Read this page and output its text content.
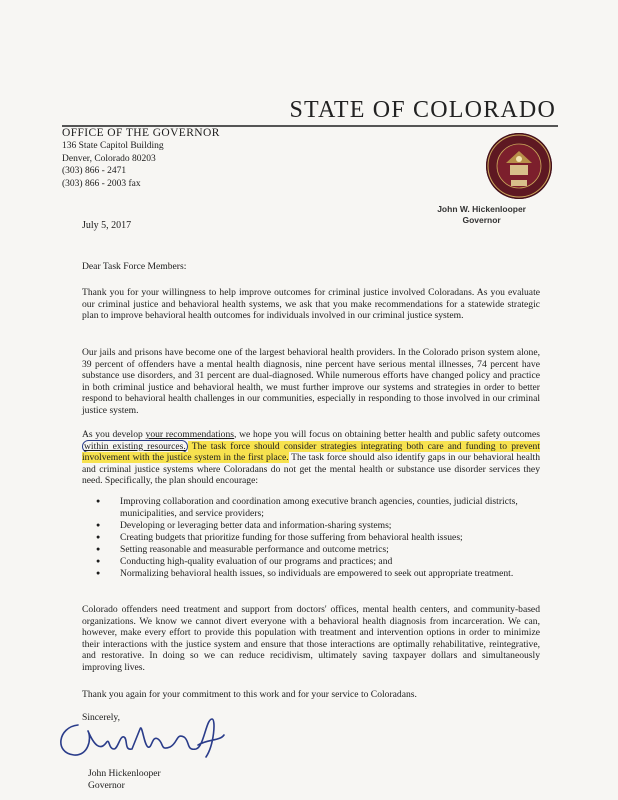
STATE OF COLORADO
OFFICE OF THE GOVERNOR
136 State Capitol Building
Denver, Colorado 80203
(303) 866 - 2471
(303) 866 - 2003 fax
John W. Hickenlooper
Governor
July 5, 2017
Dear Task Force Members:
Thank you for your willingness to help improve outcomes for criminal justice involved Coloradans. As you evaluate our criminal justice and behavioral health systems, we ask that you make recommendations for a statewide strategic plan to improve behavioral health outcomes for individuals involved in our criminal justice system.
Our jails and prisons have become one of the largest behavioral health providers. In the Colorado prison system alone, 39 percent of offenders have a mental health diagnosis, nine percent have serious mental illnesses, 74 percent have substance use disorders, and 31 percent are dual-diagnosed. While numerous efforts have changed policy and practice in both criminal justice and behavioral health, we must further improve our systems and strategies in order to better respond to behavioral health challenges in our communities, especially in responding to those involved in our criminal justice system.
As you develop your recommendations, we hope you will focus on obtaining better health and public safety outcomes within existing resources. The task force should consider strategies integrating both care and funding to prevent involvement with the justice system in the first place. The task force should also identify gaps in our behavioral health and criminal justice systems where Coloradans do not get the mental health or substance use disorder services they need. Specifically, the plan should encourage:
● Improving collaboration and coordination among executive branch agencies, counties, judicial districts, municipalities, and service providers;
● Developing or leveraging better data and information-sharing systems;
● Creating budgets that prioritize funding for those suffering from behavioral health issues;
● Setting reasonable and measurable performance and outcome metrics;
● Conducting high-quality evaluation of our programs and practices; and
● Normalizing behavioral health issues, so individuals are empowered to seek out appropriate treatment.
Colorado offenders need treatment and support from doctors' offices, mental health centers, and community-based organizations. We know we cannot divert everyone with a behavioral health diagnosis from incarceration. We can, however, make every effort to provide this population with treatment and intervention options in order to minimize their interactions with the justice system and ensure that those interactions are optimally rehabilitative, reintegrative, and restorative. In doing so we can reduce recidivism, ultimately saving taxpayer dollars and simultaneously improving lives.
Thank you again for your commitment to this work and for your service to Coloradans.
Sincerely,
John Hickenlooper
Governor
